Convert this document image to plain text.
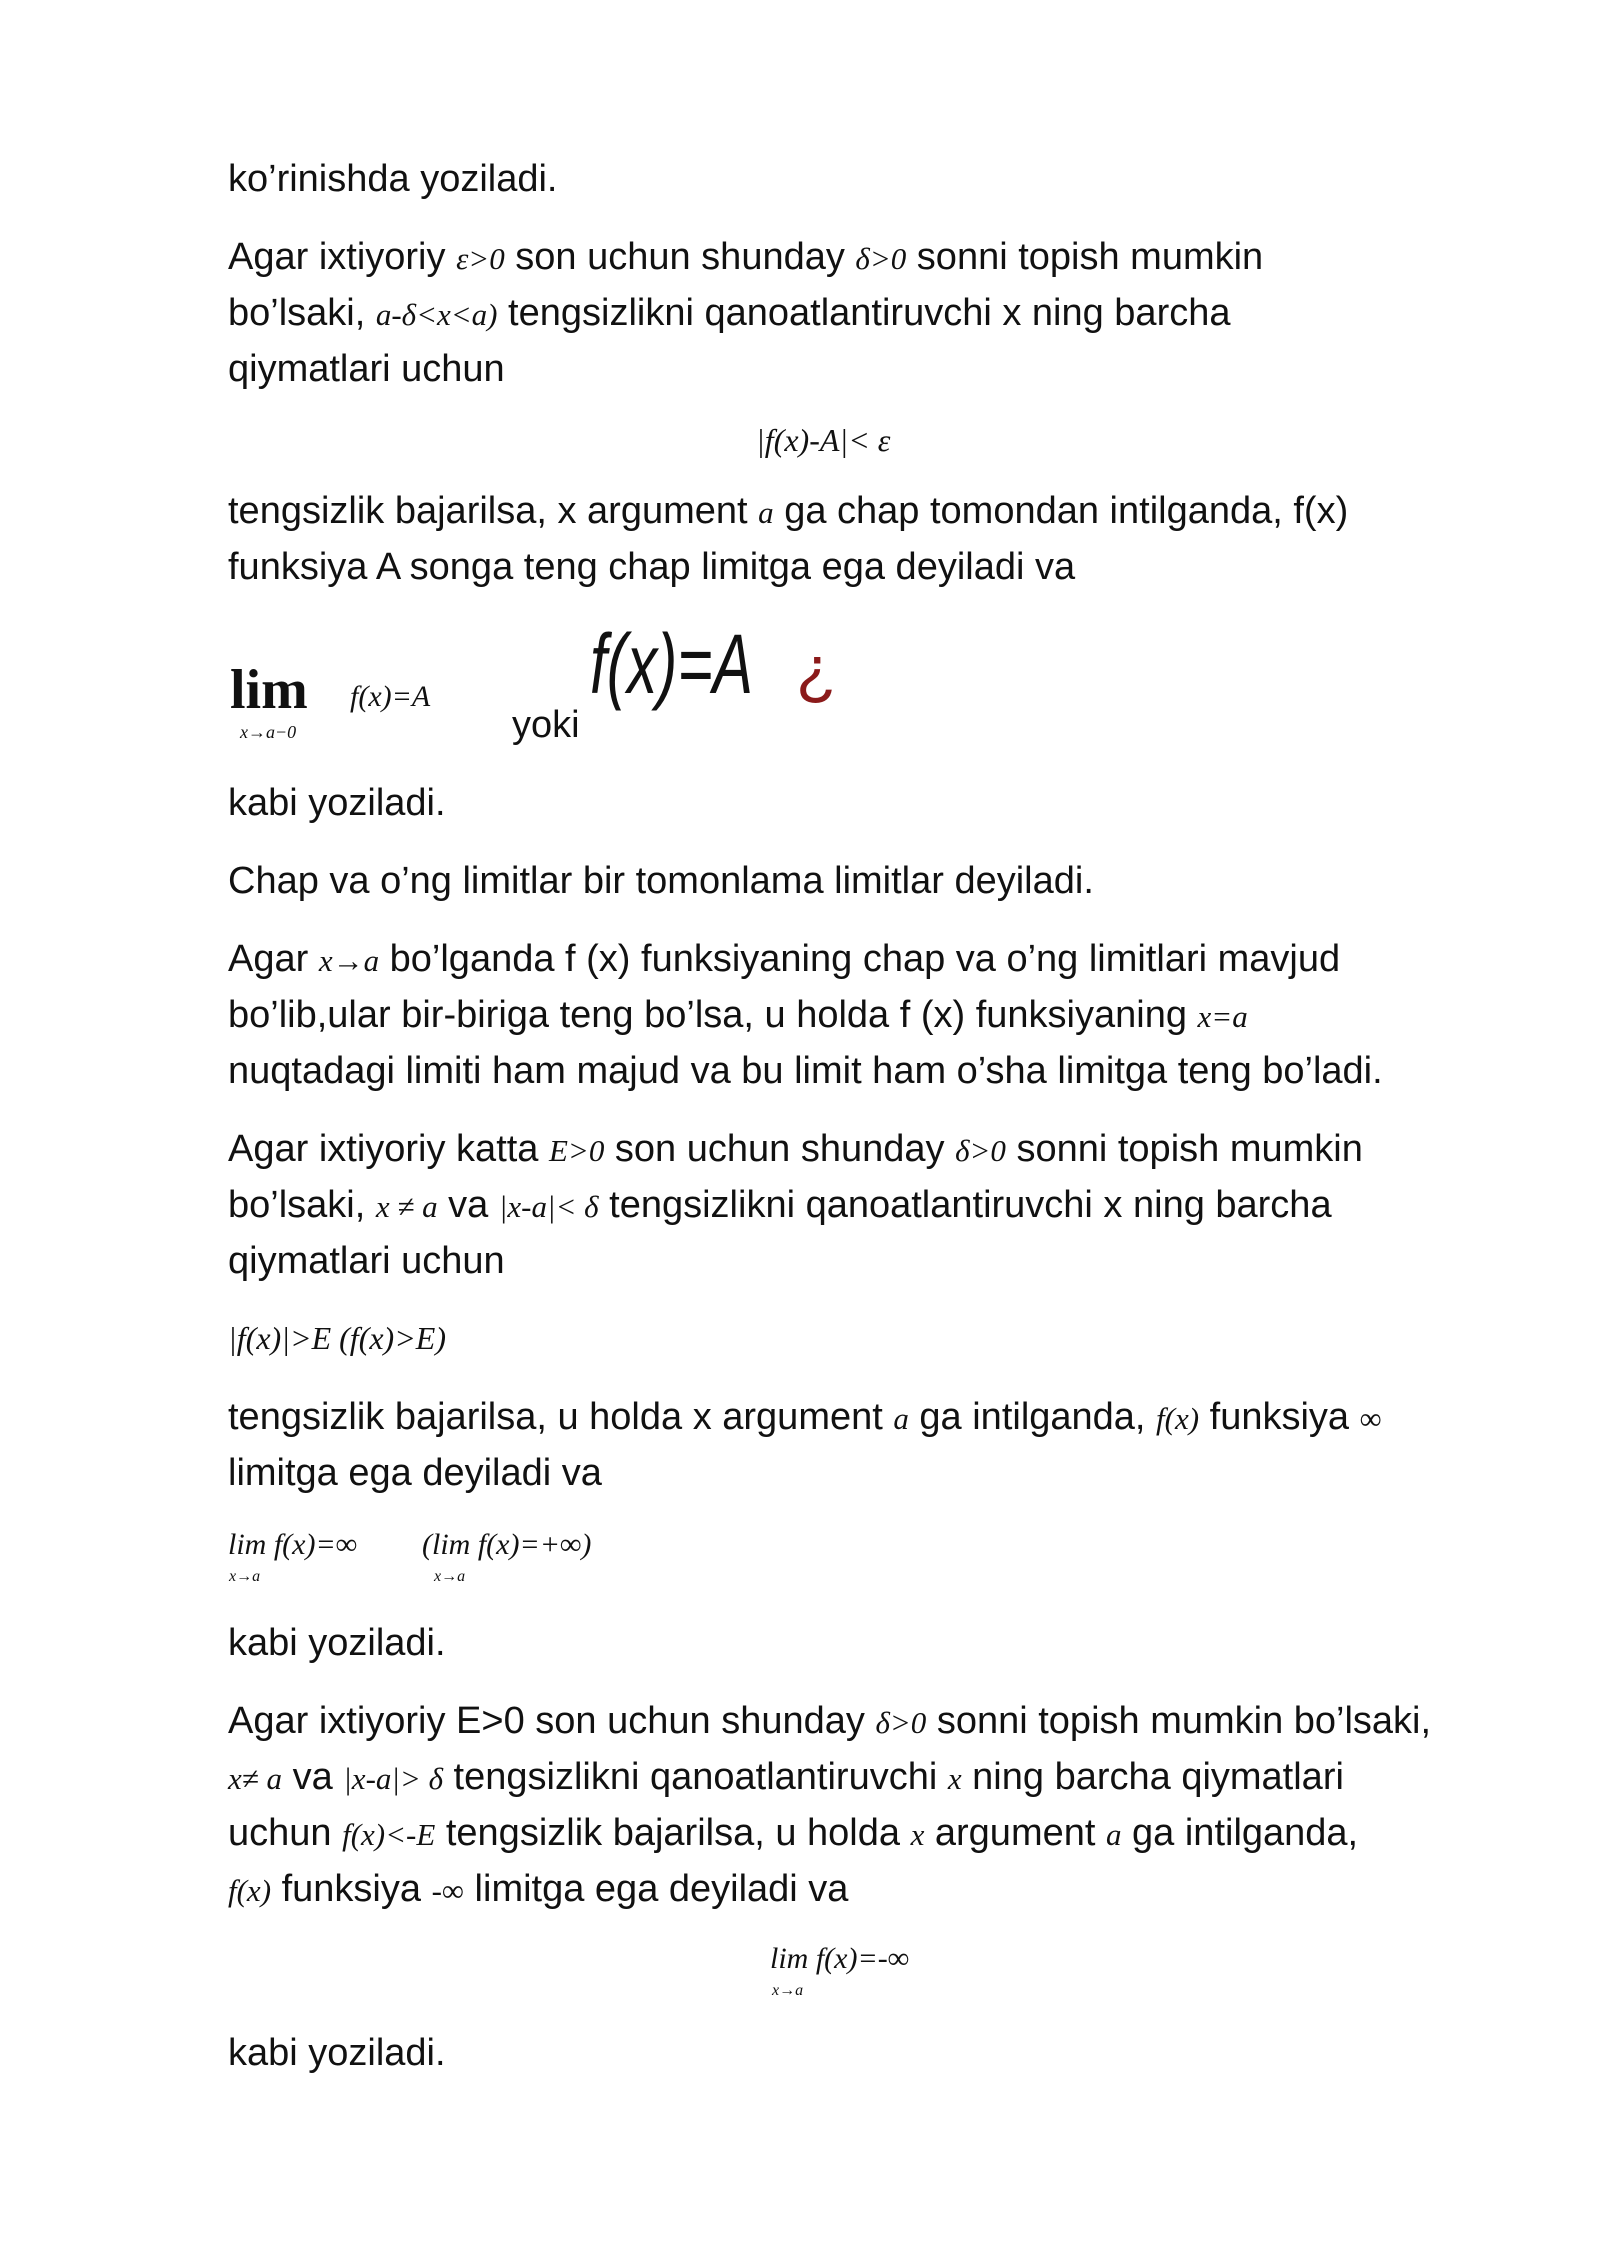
ko’rinishda yoziladi.
Agar ixtiyoriy ε>0 son uchun shunday δ>0 sonni topish mumkin
bo’lsaki, a-δ<x<a) tengsizlikni qanoatlantiruvchi x ning barcha
qiymatlari uchun
|f(x)-A|< ε
tengsizlik bajarilsa, x argument a ga chap tomondan intilganda, f(x)
funksiya A songa teng chap limitga ega deyiladi va
lim f(x)=A
x→a−0	yoki
f(x)=A ¿
kabi yoziladi.
Chap va o’ng limitlar bir tomonlama limitlar deyiladi.
Agar x→a bo’lganda f (x) funksiyaning chap va o’ng limitlari mavjud
bo’lib,ular bir-biriga teng bo’lsa, u holda f (x) funksiyaning x=a
nuqtadagi limiti ham majud va bu limit ham o’sha limitga teng bo’ladi.
Agar ixtiyoriy katta E>0 son uchun shunday δ>0 sonni topish mumkin
bo’lsaki, x ≠ a va |x-a|< δ tengsizlikni qanoatlantiruvchi x ning barcha
qiymatlari uchun
|f(x)|>E (f(x)>E)
tengsizlik bajarilsa, u holda x argument a ga intilganda, f(x) funksiya ∞
limitga ega deyiladi va
lim f(x)=∞
x→a
(lim f(x)=+∞)
x→a
kabi yoziladi.
Agar ixtiyoriy E>0 son uchun shunday δ>0 sonni topish mumkin bo’lsaki,
x≠ a va |x-a|> δ tengsizlikni qanoatlantiruvchi x ning barcha qiymatlari
uchun f(x)<-E tengsizlik bajarilsa, u holda x argument a ga intilganda,
f(x) funksiya -∞ limitga ega deyiladi va
lim f(x)=-∞
x→a
kabi yoziladi.
